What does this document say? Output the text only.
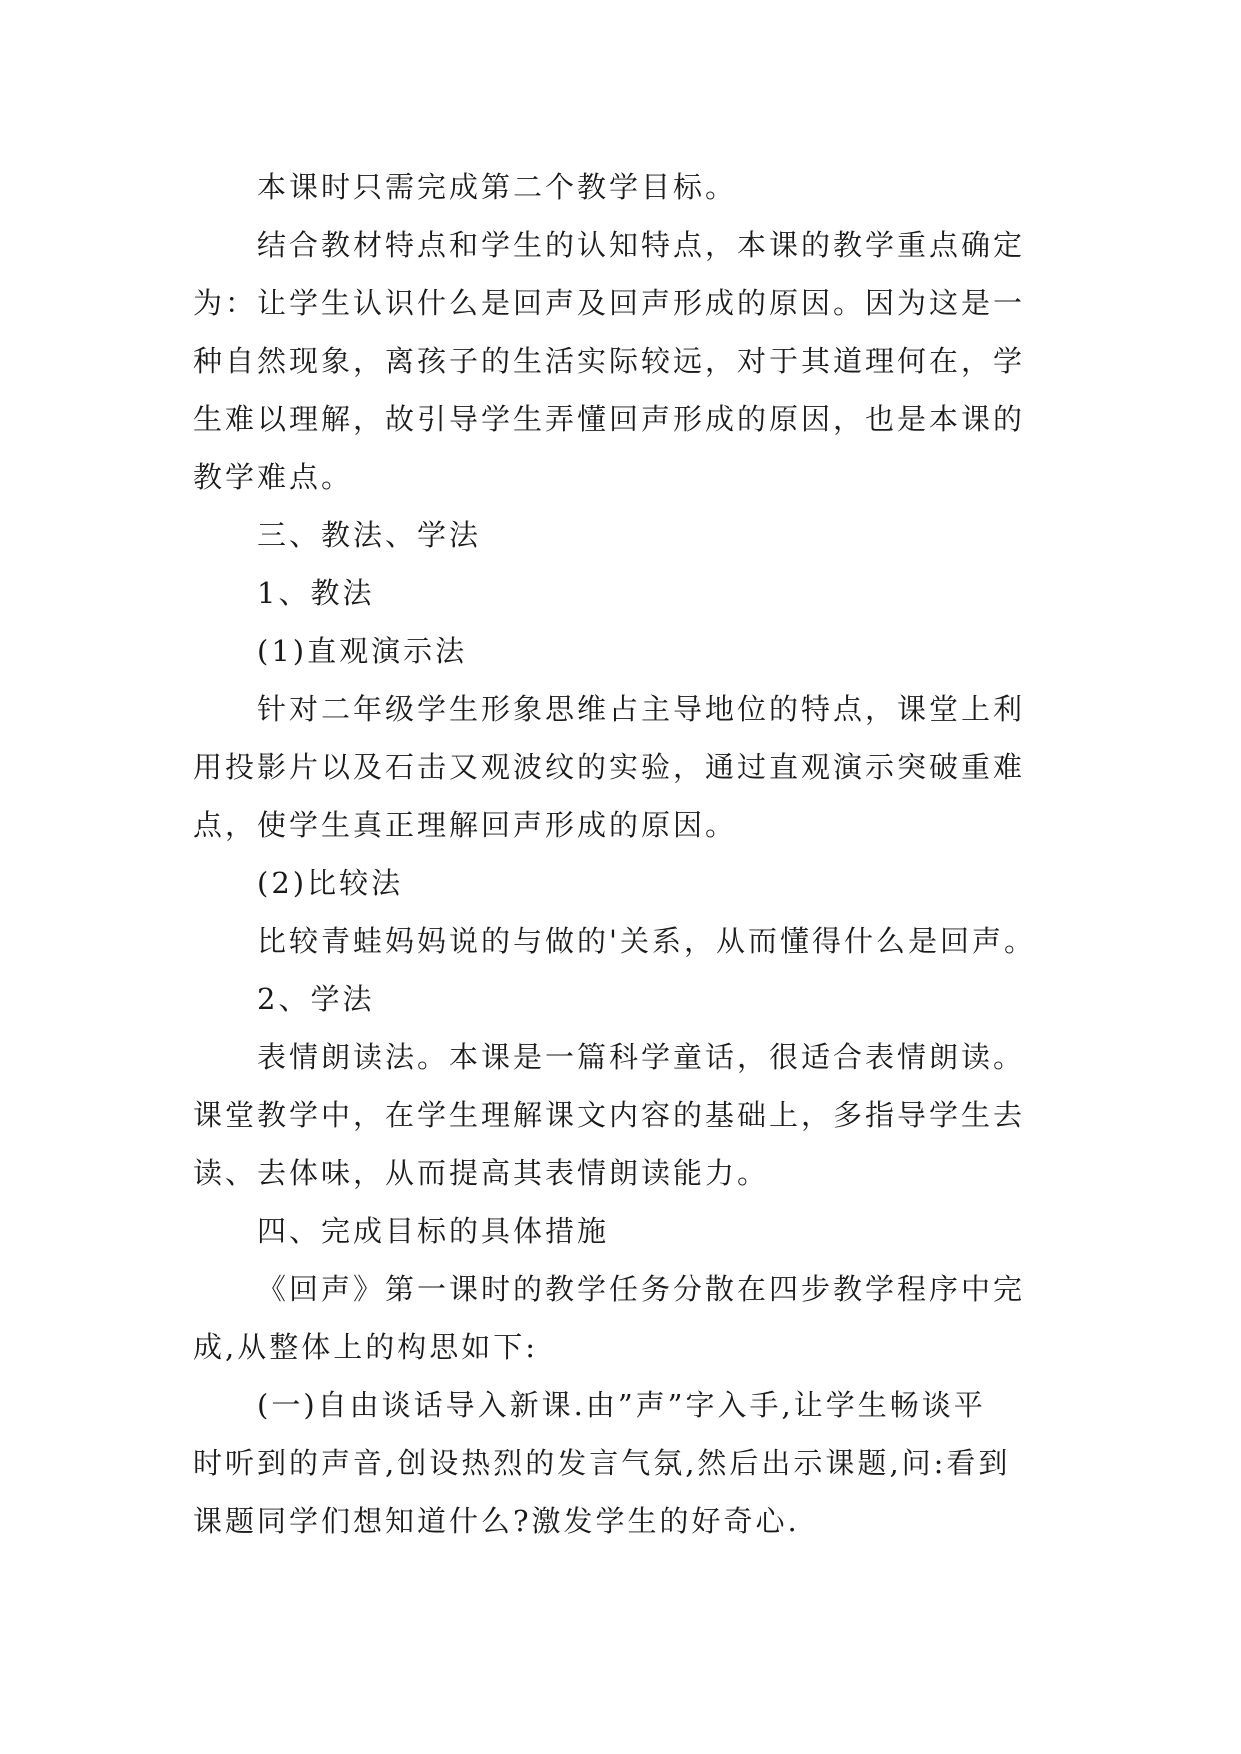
本课时只需完成第二个教学目标。
结合教材特点和学生的认知特点，本课的教学重点确定
为：让学生认识什么是回声及回声形成的原因。因为这是一
种自然现象，离孩子的生活实际较远，对于其道理何在，学
生难以理解，故引导学生弄懂回声形成的原因，也是本课的
教学难点。
三、教法、学法
1、教法
(1)直观演示法
针对二年级学生形象思维占主导地位的特点，课堂上利
用投影片以及石击又观波纹的实验，通过直观演示突破重难
点，使学生真正理解回声形成的原因。
(2)比较法
比较青蛙妈妈说的与做的'关系，从而懂得什么是回声。
2、学法
表情朗读法。本课是一篇科学童话，很适合表情朗读。
课堂教学中，在学生理解课文内容的基础上，多指导学生去
读、去体味，从而提高其表情朗读能力。
四、完成目标的具体措施
《回声》第一课时的教学任务分散在四步教学程序中完
成,从整体上的构思如下:
(一)自由谈话导入新课.由”声”字入手,让学生畅谈平
时听到的声音,创设热烈的发言气氛,然后出示课题,问:看到
课题同学们想知道什么?激发学生的好奇心.
